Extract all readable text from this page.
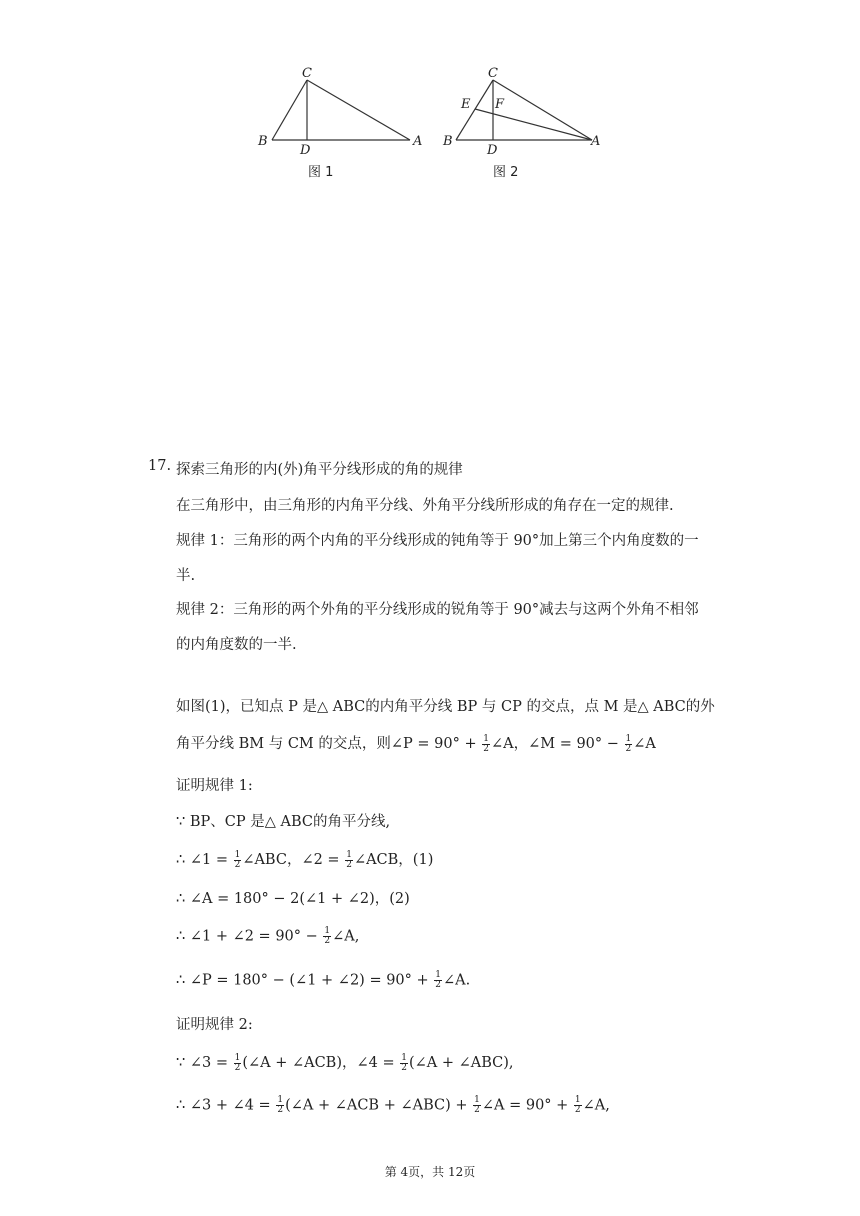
C
B
D
A
图 1
C
E F
B
D
A
图 2
17. 探索三角形的内(外)角平分线形成的角的规律
在三角形中，由三角形的内角平分线、外角平分线所形成的角存在一定的规律.
规律 1：三角形的两个内角的平分线形成的钝角等于 90°加上第三个内角度数的一
半.
规律 2：三角形的两个外角的平分线形成的锐角等于 90°减去与这两个外角不相邻
的内角度数的一半.
如图(1)，已知点 P 是△ ABC的内角平分线 BP 与 CP 的交点，点 M 是△ ABC的外
角平分线 BM 与 CM 的交点，则∠P = $90^\circ + \frac{1}{2}$ ∠A，∠M = $90^\circ - \frac{1}{2}$ ∠A
证明规律 1:
∵ BP、CP 是△ ABC的角平分线,
∴ ∠1 = $\frac{1}{2}$ ∠ABC，∠2 = $\frac{1}{2}$ ∠ACB，(1)
∴ ∠A = 180° − 2(∠1 + ∠2)，(2)
∴ ∠1 + ∠2 = $90^\circ - \frac{1}{2}$ ∠A,
∴ ∠P = 180° − (∠1 + ∠2) = $90^\circ + \frac{1}{2}$ ∠A.
证明规律 2:
∵ ∠3 = $\frac{1}{2}$ (∠A + ∠ACB)，∠4 = $\frac{1}{2}$ (∠A + ∠ABC),
∴ ∠3 + ∠4 = $\frac{1}{2}$ (∠A + ∠ACB + ∠ABC) + $\frac{1}{2}$ ∠A = $90^\circ + \frac{1}{2}$ ∠A,
第 4页，共 12页
